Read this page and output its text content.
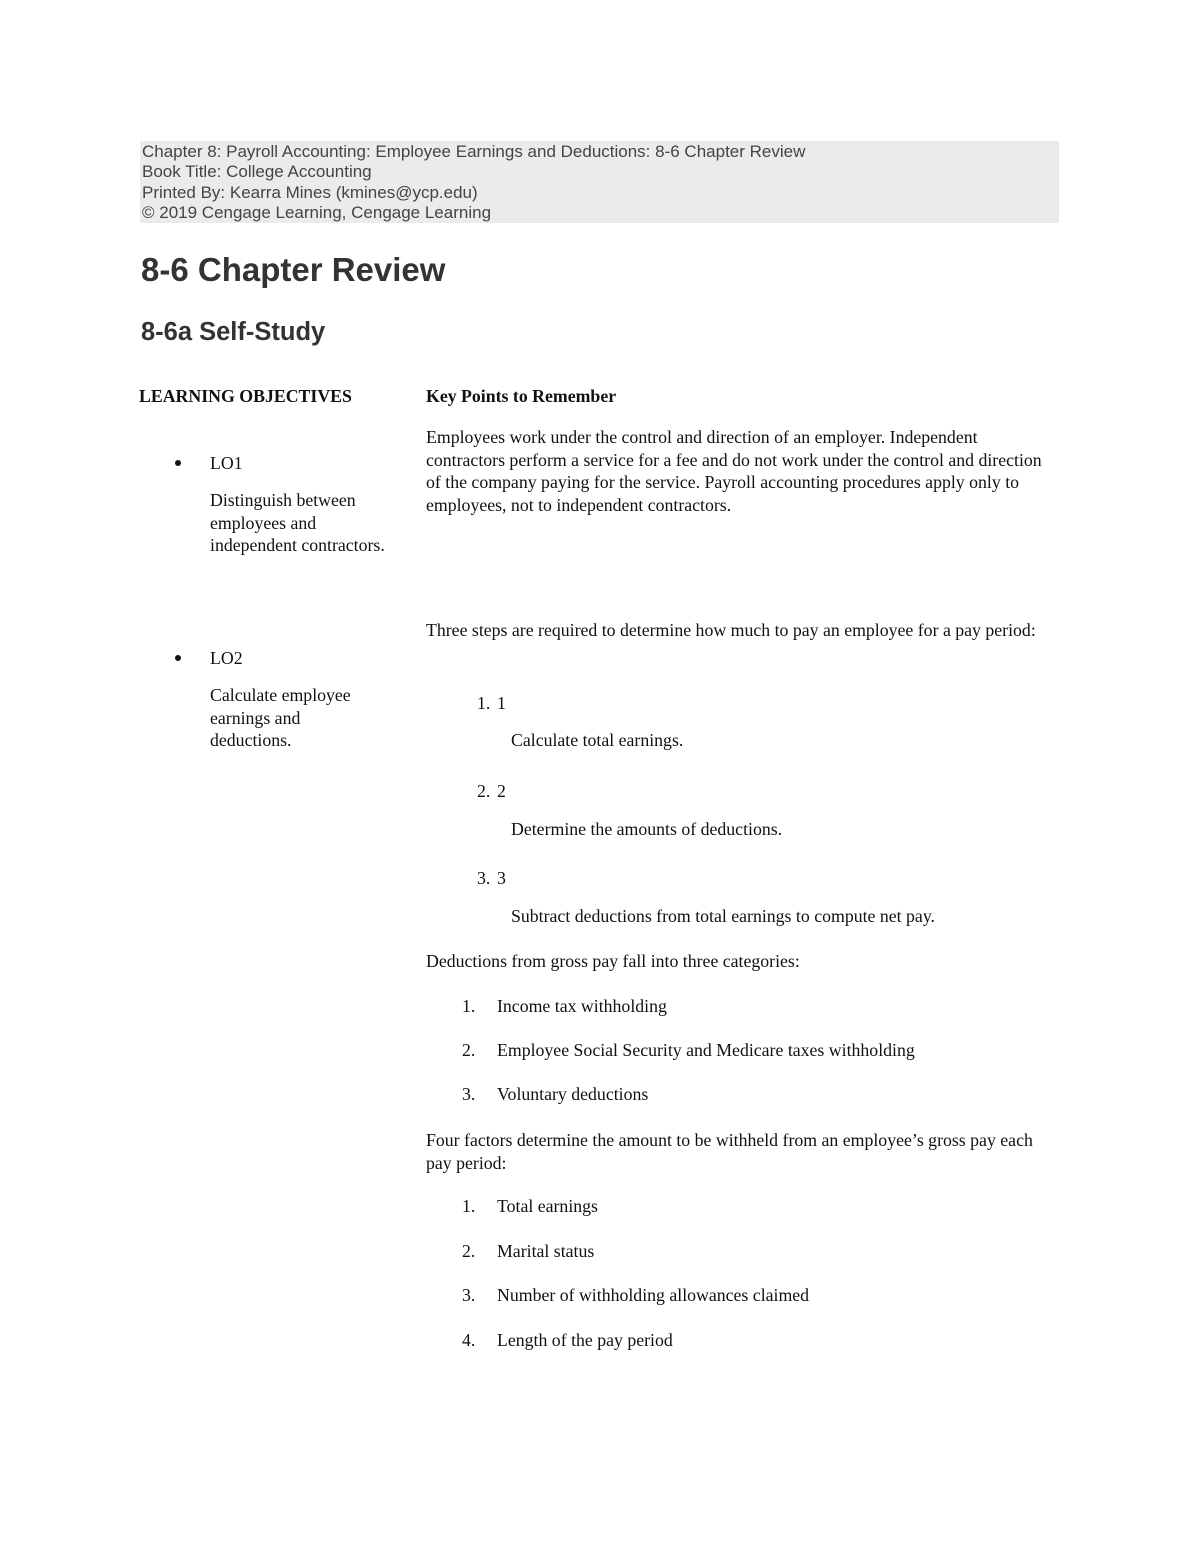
Chapter 8: Payroll Accounting: Employee Earnings and Deductions: 8-6 Chapter Review
Book Title: College Accounting
Printed By: Kearra Mines (kmines@ycp.edu)
© 2019 Cengage Learning, Cengage Learning
8-6 Chapter Review
8-6a Self-Study
LEARNING OBJECTIVES	Key Points to Remember
LO1
Distinguish between employees and independent contractors.
Employees work under the control and direction of an employer. Independent contractors perform a service for a fee and do not work under the control and direction of the company paying for the service. Payroll accounting procedures apply only to employees, not to independent contractors.
LO2
Calculate employee earnings and deductions.
Three steps are required to determine how much to pay an employee for a pay period:
1. 1
Calculate total earnings.
2. 2
Determine the amounts of deductions.
3. 3
Subtract deductions from total earnings to compute net pay.
Deductions from gross pay fall into three categories:
1. Income tax withholding
2. Employee Social Security and Medicare taxes withholding
3. Voluntary deductions
Four factors determine the amount to be withheld from an employee’s gross pay each pay period:
1. Total earnings
2. Marital status
3. Number of withholding allowances claimed
4. Length of the pay period
